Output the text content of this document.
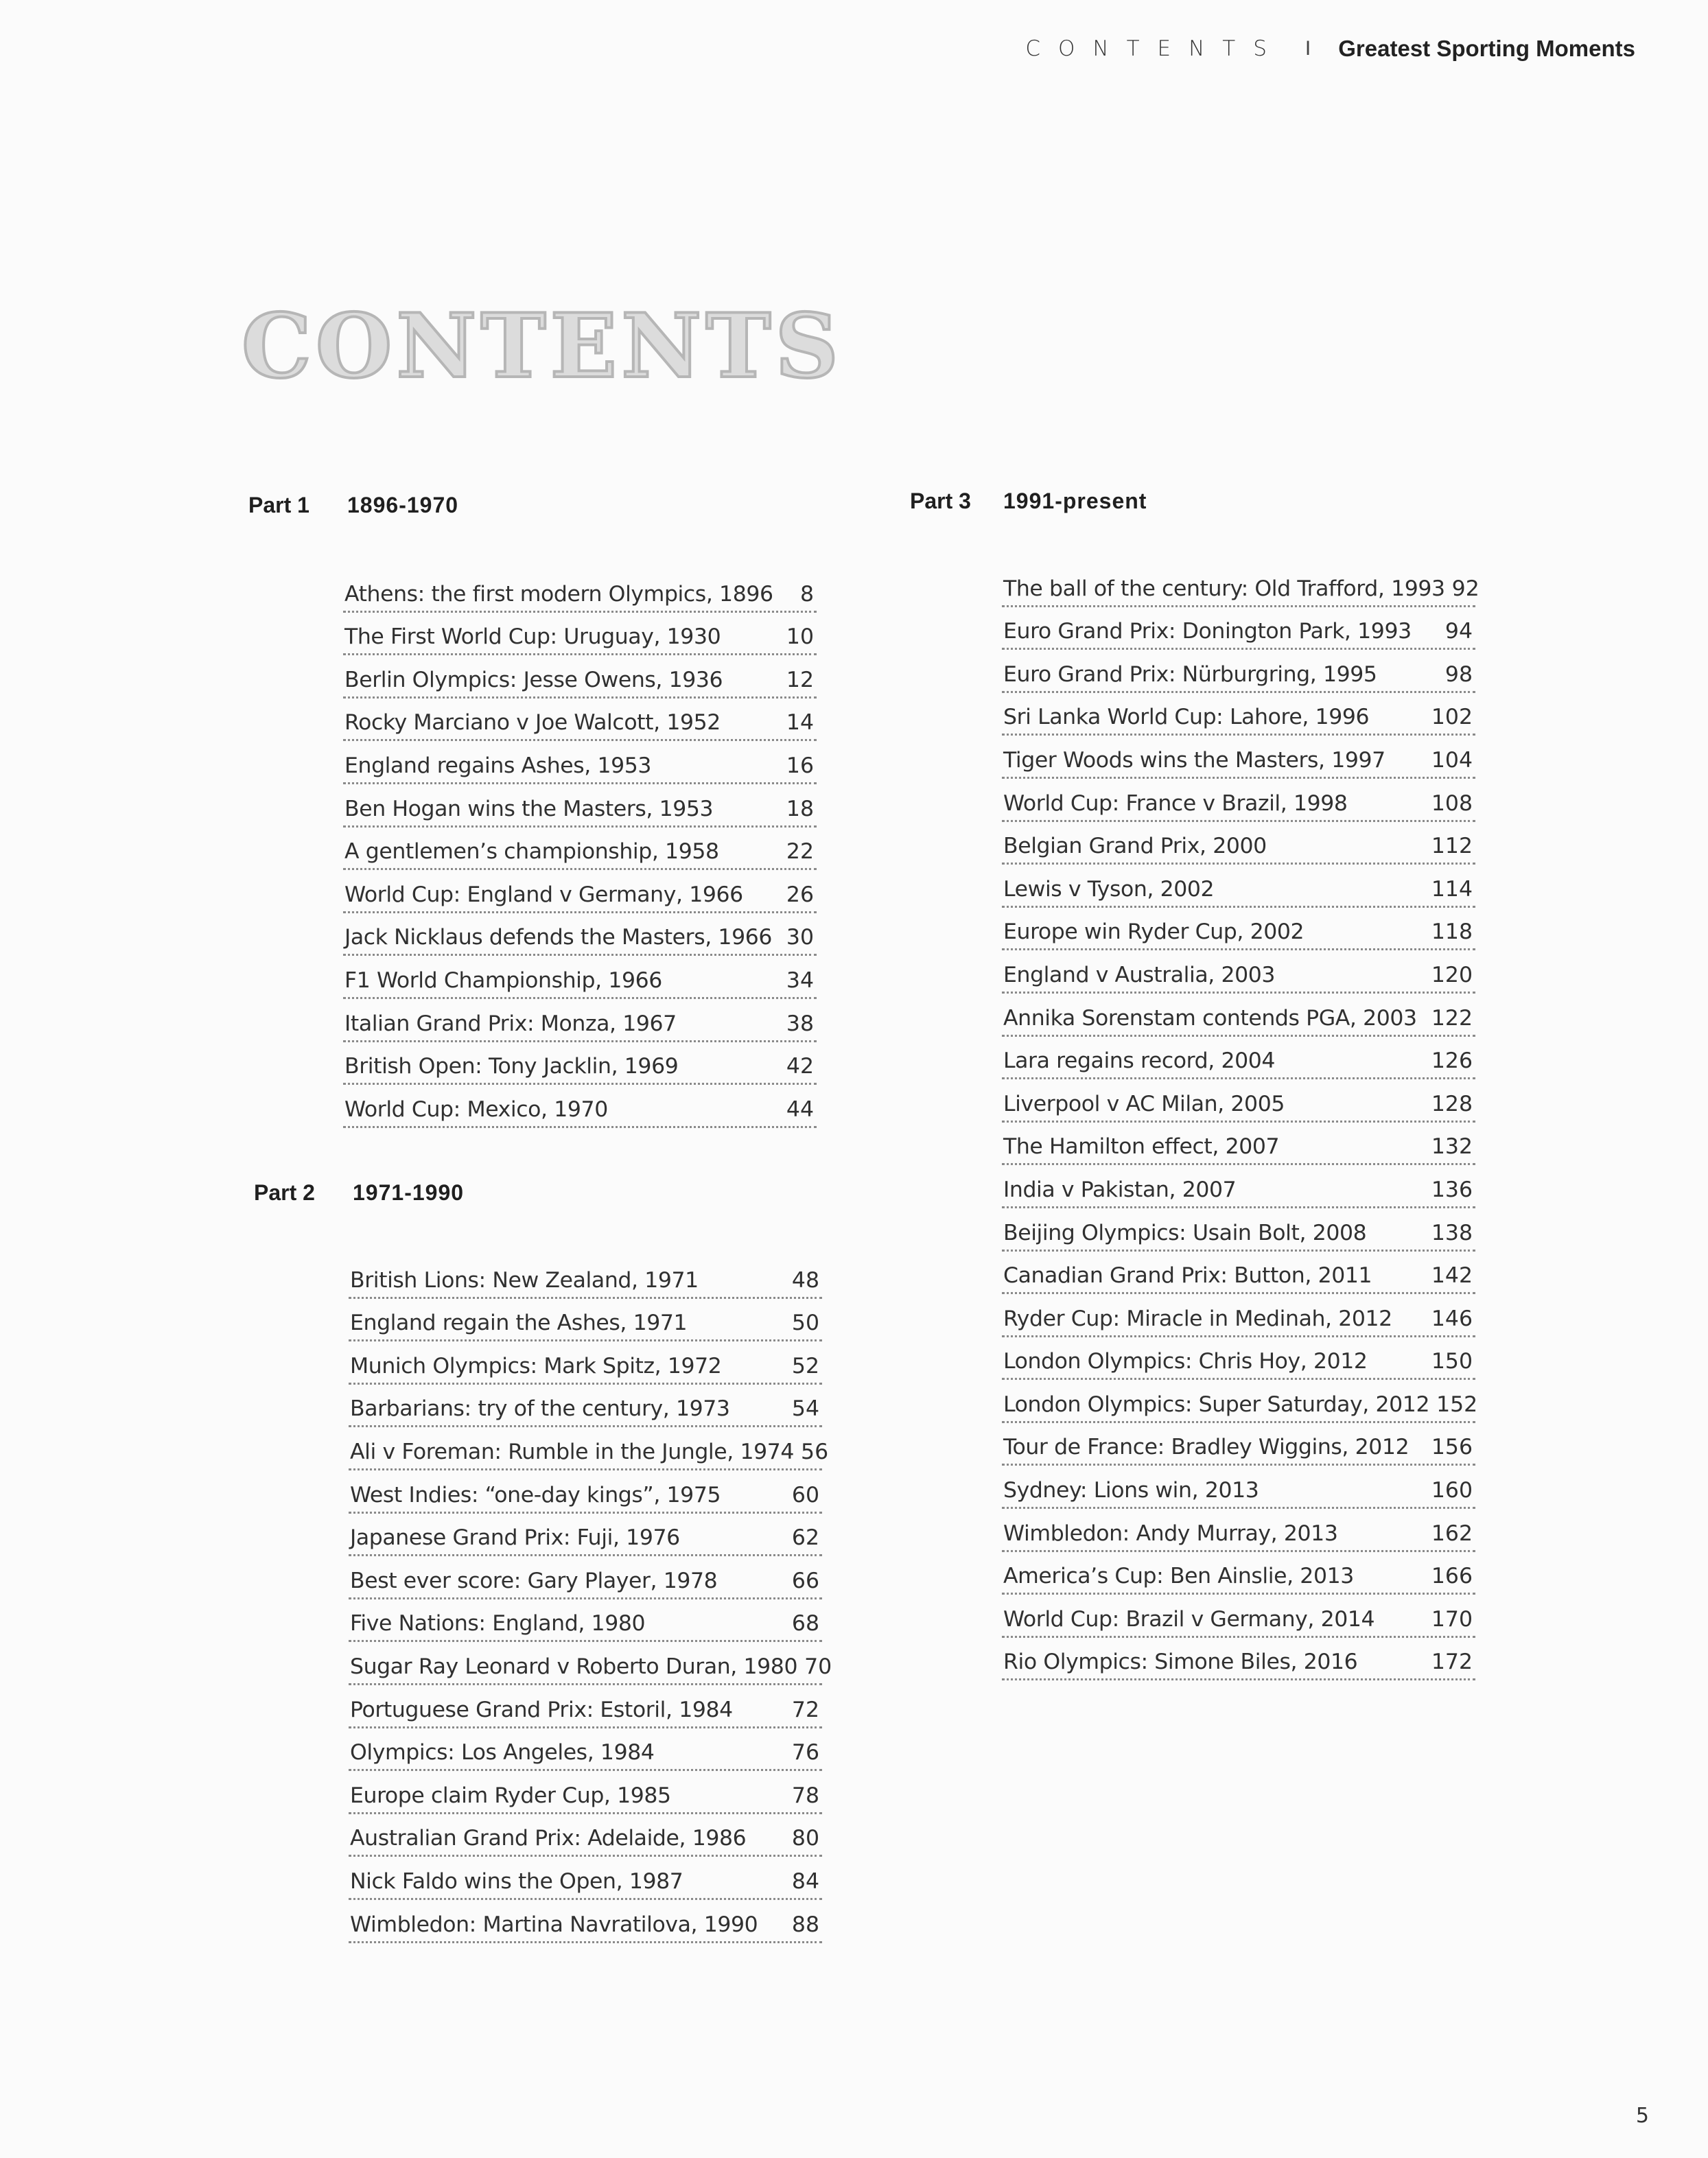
CONTENTS I Greatest Sporting Moments
CONTENTS
Part 1	1896-1970
Athens: the first modern Olympics, 1896	8
The First World Cup: Uruguay, 1930	10
Berlin Olympics: Jesse Owens, 1936	12
Rocky Marciano v Joe Walcott, 1952	14
England regains Ashes, 1953	16
Ben Hogan wins the Masters, 1953	18
A gentlemen’s championship, 1958	22
World Cup: England v Germany, 1966	26
Jack Nicklaus defends the Masters, 1966 30
F1 World Championship, 1966	34
Italian Grand Prix: Monza, 1967	38
British Open: Tony Jacklin, 1969	42
World Cup: Mexico, 1970	44
Part 2	1971-1990
British Lions: New Zealand, 1971	48
England regain the Ashes, 1971	50
Munich Olympics: Mark Spitz, 1972	52
Barbarians: try of the century, 1973	54
Ali v Foreman: Rumble in the Jungle, 1974 56
West Indies: “one-day kings”, 1975	60
Japanese Grand Prix: Fuji, 1976	62
Best ever score: Gary Player, 1978	66
Five Nations: England, 1980	68
Sugar Ray Leonard v Roberto Duran, 1980 70
Portuguese Grand Prix: Estoril, 1984	72
Olympics: Los Angeles, 1984	76
Europe claim Ryder Cup, 1985	78
Australian Grand Prix: Adelaide, 1986	80
Nick Faldo wins the Open, 1987	84
Wimbledon: Martina Navratilova, 1990	88
Part 3	1991-present
The ball of the century: Old Trafford, 1993 92
Euro Grand Prix: Donington Park, 1993	94
Euro Grand Prix: Nürburgring, 1995	98
Sri Lanka World Cup: Lahore, 1996	102
Tiger Woods wins the Masters, 1997	104
World Cup: France v Brazil, 1998	108
Belgian Grand Prix, 2000	112
Lewis v Tyson, 2002	114
Europe win Ryder Cup, 2002	118
England v Australia, 2003	120
Annika Sorenstam contends PGA, 2003 122
Lara regains record, 2004	126
Liverpool v AC Milan, 2005	128
The Hamilton effect, 2007	132
India v Pakistan, 2007	136
Beijing Olympics: Usain Bolt, 2008	138
Canadian Grand Prix: Button, 2011	142
Ryder Cup: Miracle in Medinah, 2012	146
London Olympics: Chris Hoy, 2012	150
London Olympics: Super Saturday, 2012 152
Tour de France: Bradley Wiggins, 2012	156
Sydney: Lions win, 2013	160
Wimbledon: Andy Murray, 2013	162
America’s Cup: Ben Ainslie, 2013	166
World Cup: Brazil v Germany, 2014	170
Rio Olympics: Simone Biles, 2016	172
5
